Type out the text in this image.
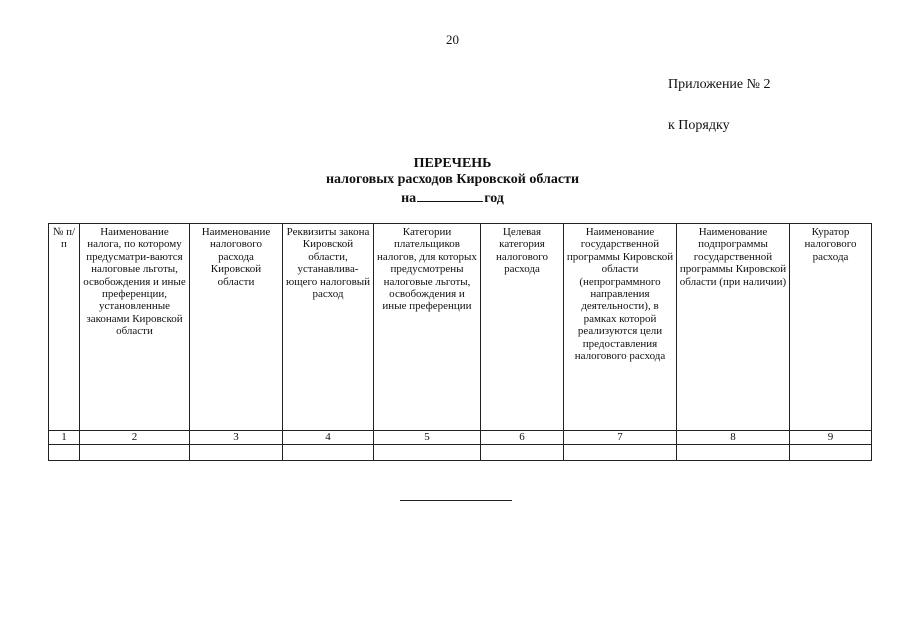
20
Приложение № 2
к Порядку
ПЕРЕЧЕНЬ
налоговых расходов Кировской области
на	год
№ п/п	Наименование налога, по которому предусматри-ваются налоговые льготы, освобождения и иные преференции, установленные законами Кировской области	Наименование налогового расхода Кировской области	Реквизиты закона Кировской области, устанавлива-ющего налоговый расход	Категории плательщиков налогов, для которых предусмотрены налоговые льготы, освобождения и иные преференции	Целевая категория налогового расхода	Наименование государственной программы Кировской области (непрограммного направления деятельности), в рамках которой реализуются цели предоставления налогового расхода	Наименование подпрограммы государственной программы Кировской области (при наличии)	Куратор налогового расхода
1	2	3	4	5	6	7	8	9
